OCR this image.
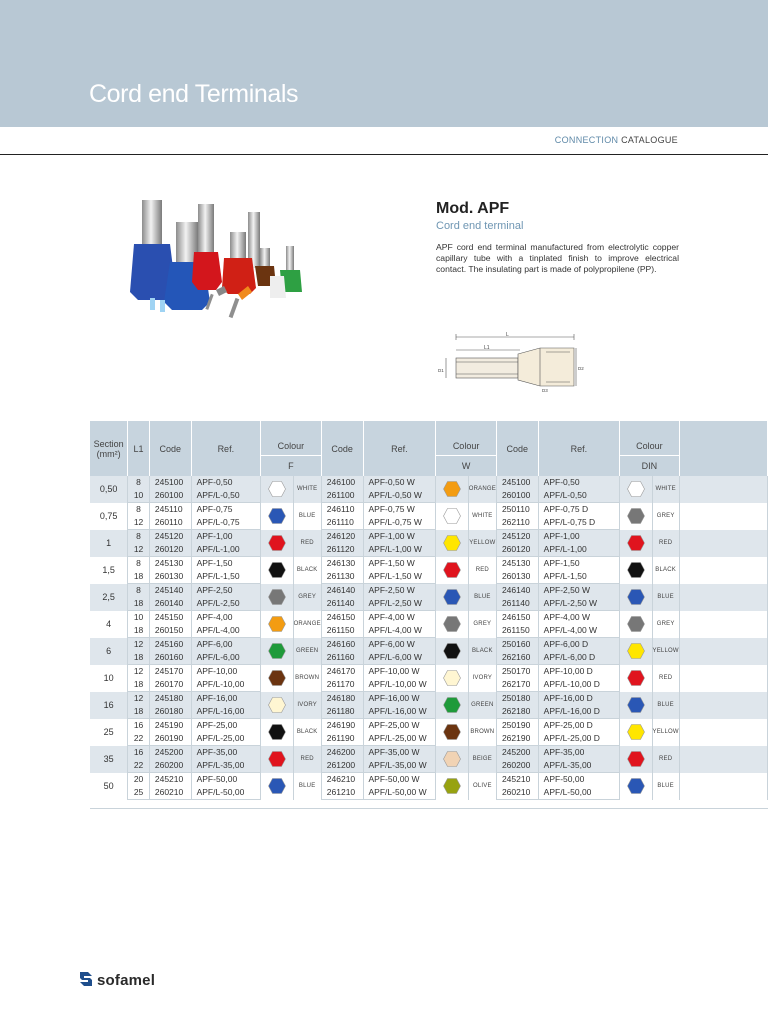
Cord end Terminals
CONNECTION CATALOGUE
Mod. APF
Cord end terminal
APF cord end terminal manufactured from electrolytic copper capillary tube with a tinplated finish to improve electrical contact. The insulating part is made of polypropilene (PP).
L
L1
D1	D2
D3
Section
(mm²)	L1	Code	Ref.	Colour		Code	Ref.	Colour		Code	Ref.	Colour		
				F				W				DIN		
0,50	8	245100	APF-0,50		WHITE	246100	APF-0,50 W		ORANGE	245100	APF-0,50		WHITE	
	10	260100	APF/L-0,50			261100	APF/L-0,50 W			260100	APF/L-0,50			
0,75	8	245110	APF-0,75		BLUE	246110	APF-0,75 W		WHITE	250110	APF-0,75 D		GREY	
	12	260110	APF/L-0,75			261110	APF/L-0,75 W			262110	APF/L-0,75 D			
1	8	245120	APF-1,00		RED	246120	APF-1,00 W		YELLOW	245120	APF-1,00		RED	
	12	260120	APF/L-1,00			261120	APF/L-1,00 W			260120	APF/L-1,00			
1,5	8	245130	APF-1,50		BLACK	246130	APF-1,50 W		RED	245130	APF-1,50		BLACK	
	18	260130	APF/L-1,50			261130	APF/L-1,50 W			260130	APF/L-1,50			
2,5	8	245140	APF-2,50		GREY	246140	APF-2,50 W		BLUE	246140	APF-2,50 W		BLUE	
	18	260140	APF/L-2,50			261140	APF/L-2,50 W			261140	APF/L-2,50 W			
4	10	245150	APF-4,00		ORANGE	246150	APF-4,00 W		GREY	246150	APF-4,00 W		GREY	
	18	260150	APF/L-4,00			261150	APF/L-4,00 W			261150	APF/L-4,00 W			
6	12	245160	APF-6,00		GREEN	246160	APF-6,00 W		BLACK	250160	APF-6,00 D		YELLOW	
	18	260160	APF/L-6,00			261160	APF/L-6,00 W			262160	APF/L-6,00 D			
10	12	245170	APF-10,00		BROWN	246170	APF-10,00 W		IVORY	250170	APF-10,00 D		RED	
	18	260170	APF/L-10,00			261170	APF/L-10,00 W			262170	APF/L-10,00 D			
16	12	245180	APF-16,00		IVORY	246180	APF-16,00 W		GREEN	250180	APF-16,00 D		BLUE	
	18	260180	APF/L-16,00			261180	APF/L-16,00 W			262180	APF/L-16,00 D			
25	16	245190	APF-25,00		BLACK	246190	APF-25,00 W		BROWN	250190	APF-25,00 D		YELLOW	
	22	260190	APF/L-25,00			261190	APF/L-25,00 W			262190	APF/L-25,00 D			
35	16	245200	APF-35,00		RED	246200	APF-35,00 W		BEIGE	245200	APF-35,00		RED	
	22	260200	APF/L-35,00			261200	APF/L-35,00 W			260200	APF/L-35,00			
50	20	245210	APF-50,00		BLUE	246210	APF-50,00 W		OLIVE	245210	APF-50,00		BLUE	
	25	260210	APF/L-50,00			261210	APF/L-50,00 W			260210	APF/L-50,00			
sofamel
